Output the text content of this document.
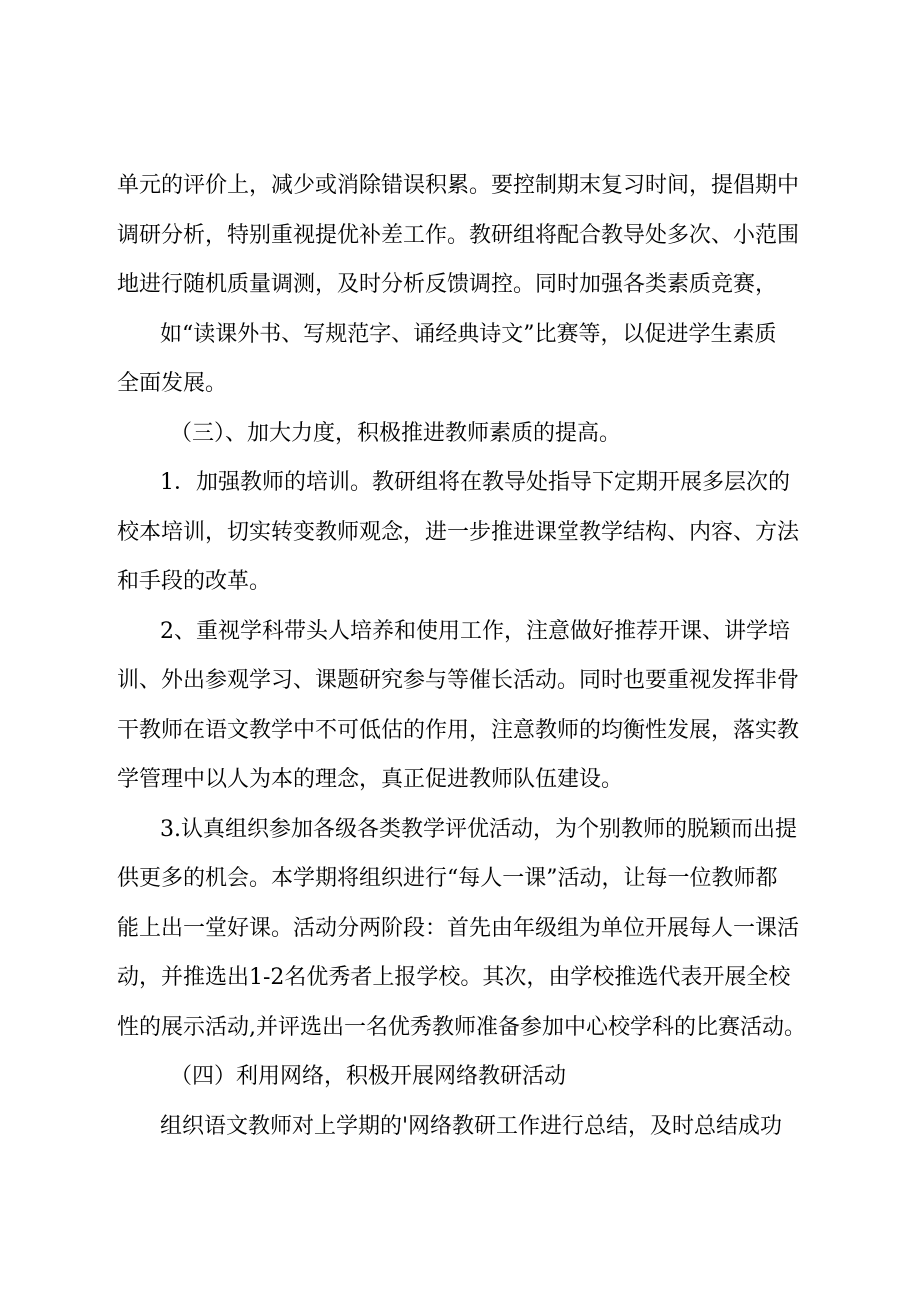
单元的评价上，减少或消除错误积累。要控制期末复习时间，提倡期中

调研分析，特别重视提优补差工作。教研组将配合教导处多次、小范围

地进行随机质量调测，及时分析反馈调控。同时加强各类素质竞赛，

如“读课外书、写规范字、诵经典诗文”比赛等，以促进学生素质

全面发展。

（三）、加大力度，积极推进教师素质的提高。

1．加强教师的培训。教研组将在教导处指导下定期开展多层次的

校本培训，切实转变教师观念，进一步推进课堂教学结构、内容、方法

和手段的改革。

2、重视学科带头人培养和使用工作，注意做好推荐开课、讲学培

训、外出参观学习、课题研究参与等催长活动。同时也要重视发挥非骨

干教师在语文教学中不可低估的作用，注意教师的均衡性发展，落实教

学管理中以人为本的理念，真正促进教师队伍建设。

3.认真组织参加各级各类教学评优活动，为个别教师的脱颖而出提

供更多的机会。本学期将组织进行“每人一课”活动，让每一位教师都

能上出一堂好课。活动分两阶段：首先由年级组为单位开展每人一课活

动，并推选出1-2名优秀者上报学校。其次，由学校推选代表开展全校

性的展示活动,并评选出一名优秀教师准备参加中心校学科的比赛活动。

（四）利用网络，积极开展网络教研活动

组织语文教师对上学期的'网络教研工作进行总结，及时总结成功
